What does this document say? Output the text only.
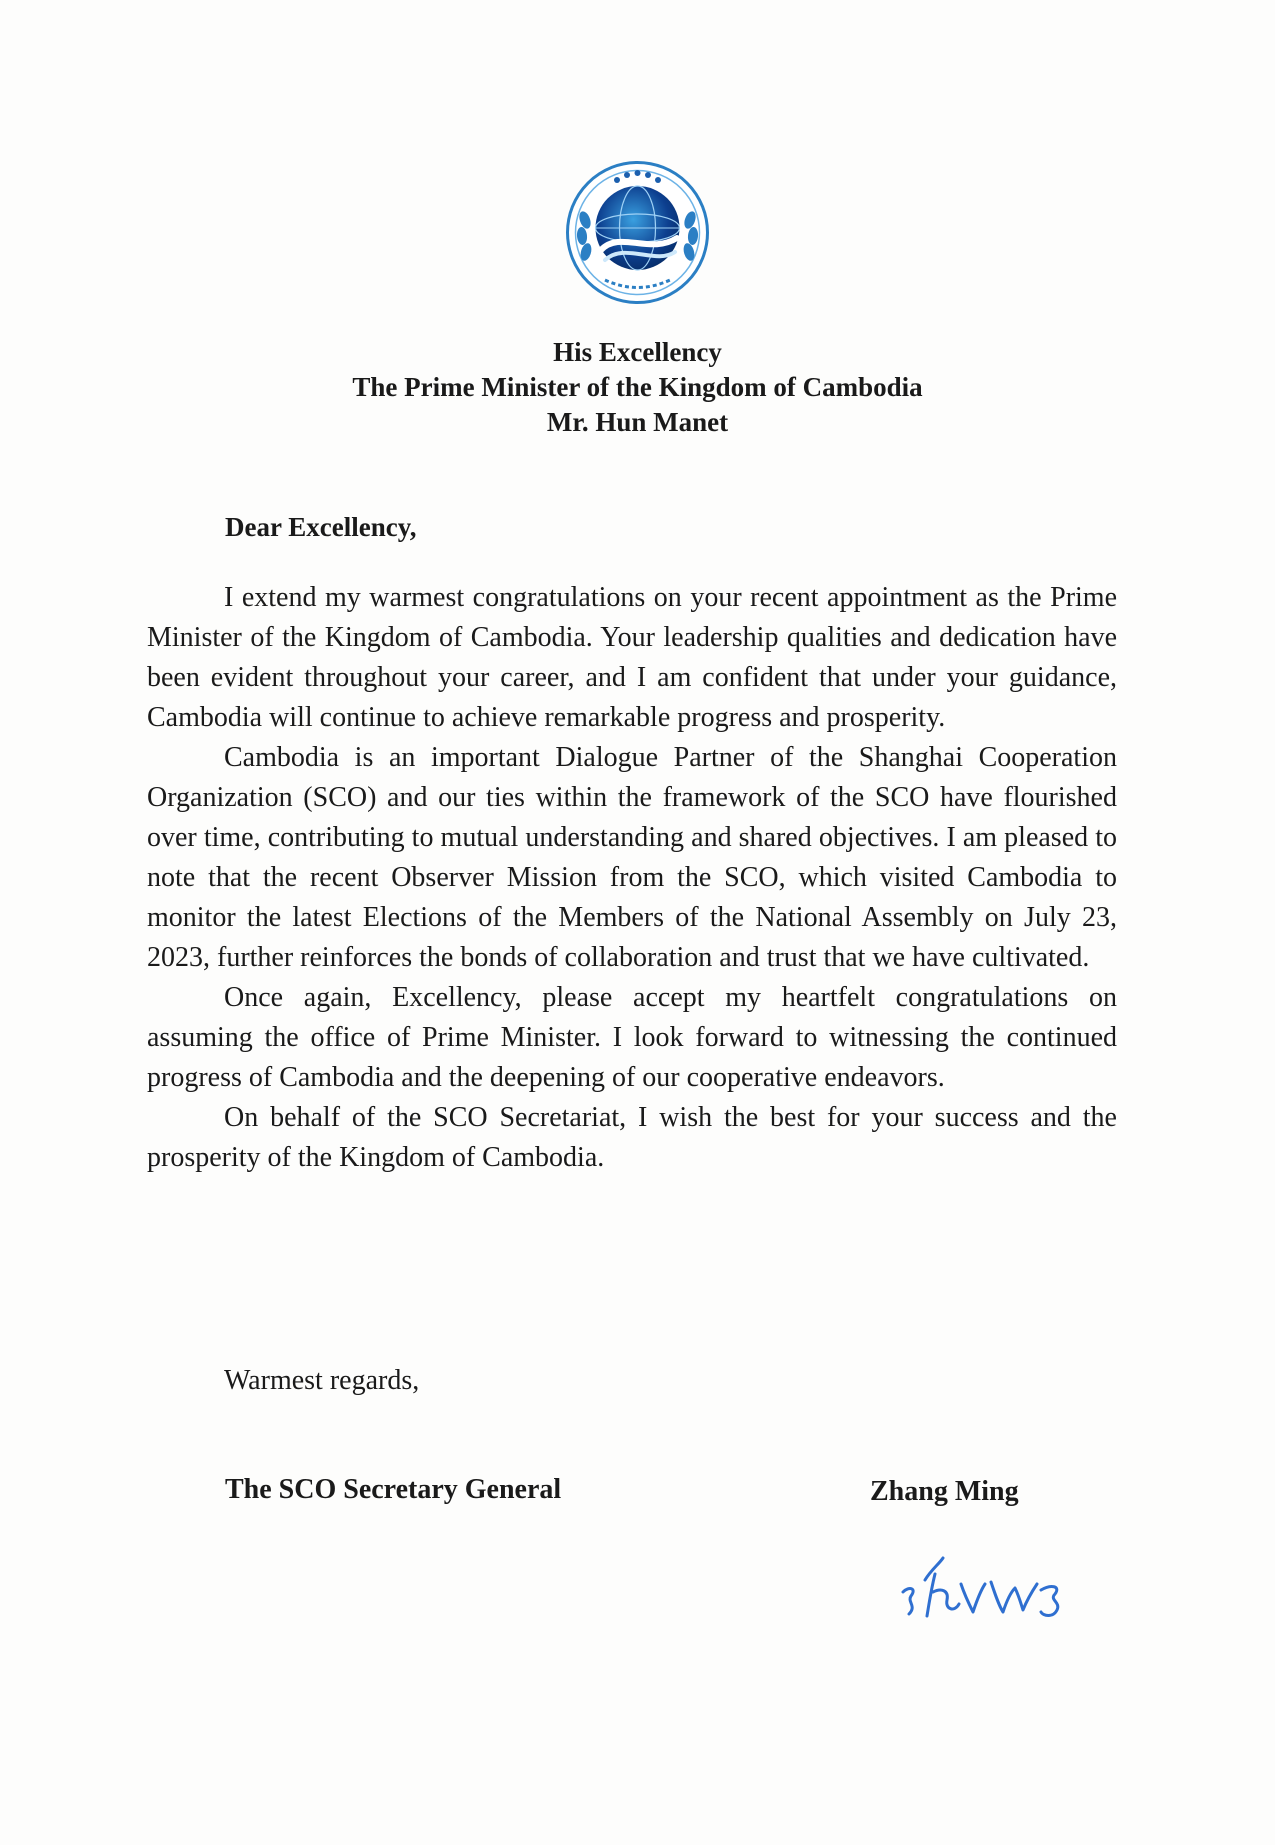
His Excellency
The Prime Minister of the Kingdom of Cambodia
Mr. Hun Manet
Dear Excellency,

I extend my warmest congratulations on your recent appointment as the Prime Minister of the Kingdom of Cambodia. Your leadership qualities and dedication have been evident throughout your career, and I am confident that under your guidance, Cambodia will continue to achieve remarkable progress and prosperity.

Cambodia is an important Dialogue Partner of the Shanghai Cooperation Organization (SCO) and our ties within the framework of the SCO have flourished over time, contributing to mutual understanding and shared objectives. I am pleased to note that the recent Observer Mission from the SCO, which visited Cambodia to monitor the latest Elections of the Members of the National Assembly on July 23, 2023, further reinforces the bonds of collaboration and trust that we have cultivated.

Once again, Excellency, please accept my heartfelt congratulations on assuming the office of Prime Minister. I look forward to witnessing the continued progress of Cambodia and the deepening of our cooperative endeavors.

On behalf of the SCO Secretariat, I wish the best for your success and the prosperity of the Kingdom of Cambodia.

Warmest regards,
The SCO Secretary General	Zhang Ming
